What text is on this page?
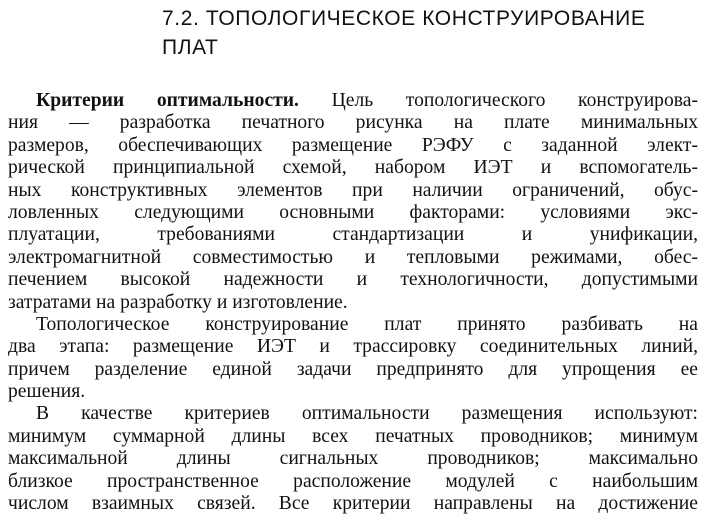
7.2. ТОПОЛОГИЧЕСКОЕ КОНСТРУИРОВАНИЕ
ПЛАТ
Критерии оптимальности. Цель топологического конструирова-
ния — разработка печатного рисунка на плате минимальных
размеров, обеспечивающих размещение РЭФУ с заданной элект-
рической принципиальной схемой, набором ИЭТ и вспомогатель-
ных конструктивных элементов при наличии ограничений, обус-
ловленных следующими основными факторами: условиями экс-
плуатации, требованиями стандартизации и унификации,
электромагнитной совместимостью и тепловыми режимами, обес-
печением высокой надежности и технологичности, допустимыми
затратами на разработку и изготовление.
Топологическое конструирование плат принято разбивать на
два этапа: размещение ИЭТ и трассировку соединительных линий,
причем разделение единой задачи предпринято для упрощения ее
решения.
В качестве критериев оптимальности размещения используют:
минимум суммарной длины всех печатных проводников; минимум
максимальной длины сигнальных проводников; максимально
близкое пространственное расположение модулей с наибольшим
числом взаимных связей. Все критерии направлены на достижение
